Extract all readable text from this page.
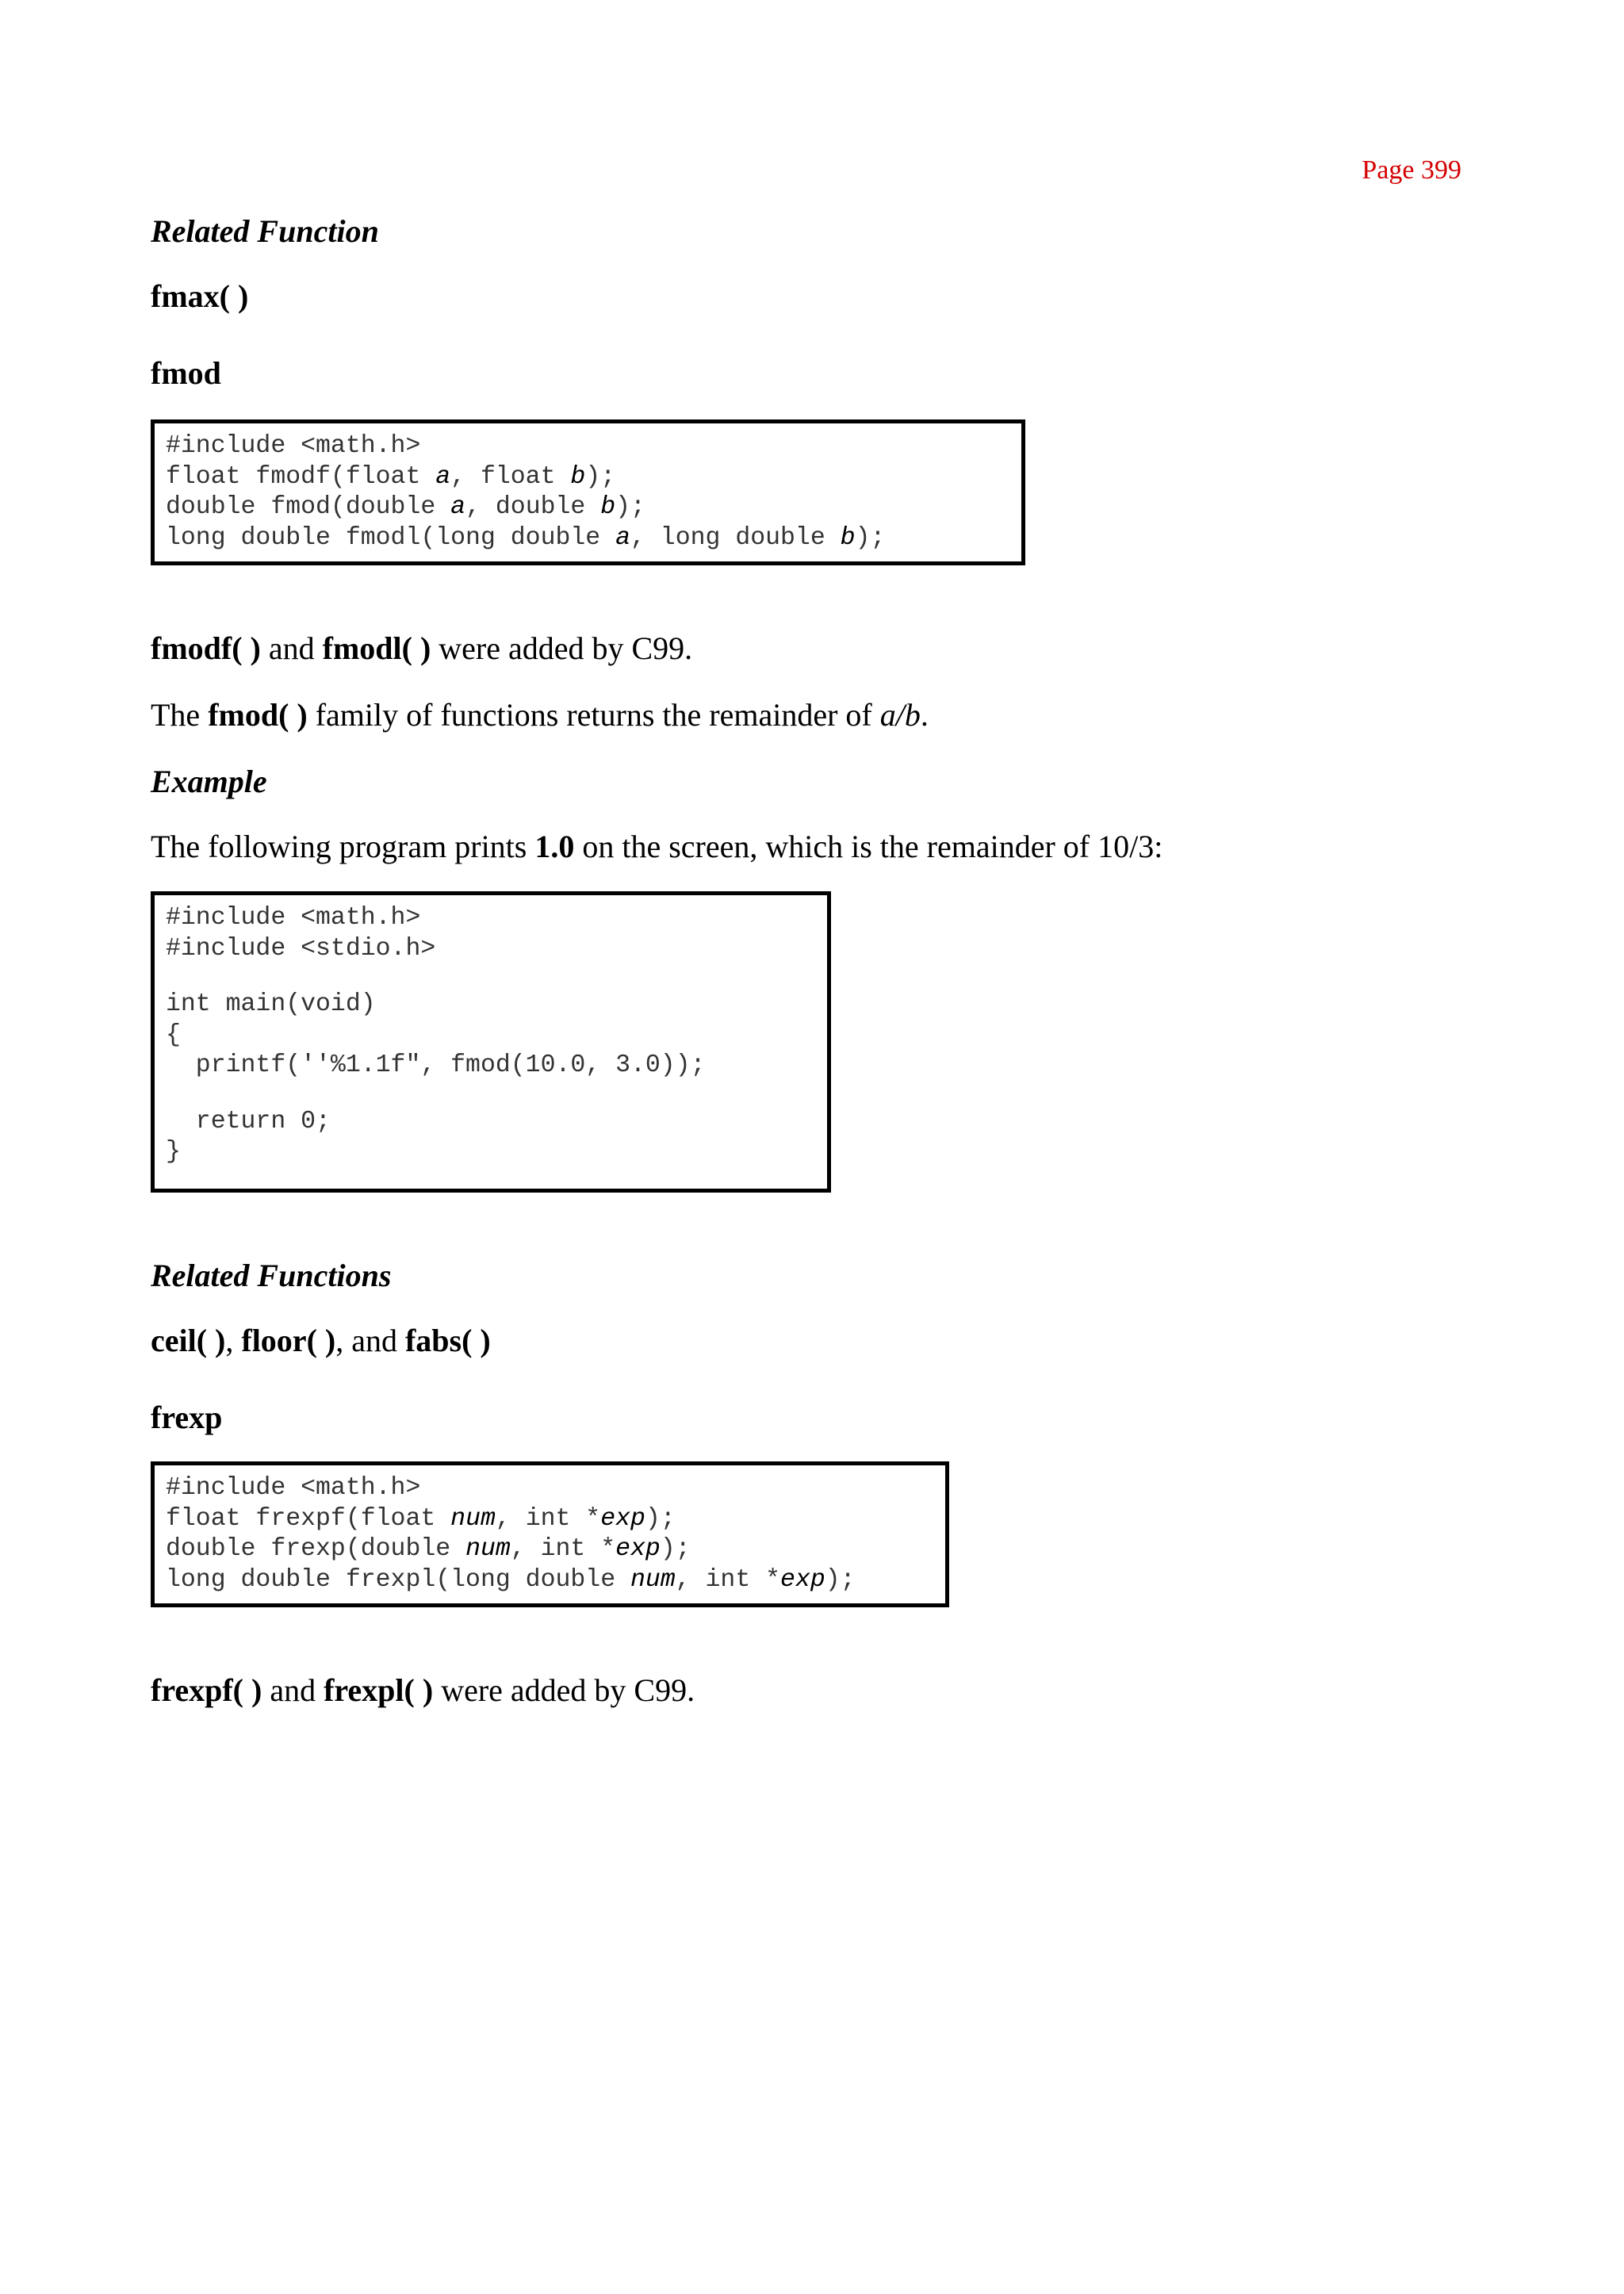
Page 399
Related Function
fmax( )
fmod
#include <math.h>
float fmodf(float a, float b);
double fmod(double a, double b);
long double fmodl(long double a, long double b);
fmodf( ) and fmodl( ) were added by C99.
The fmod( ) family of functions returns the remainder of a/b.
Example
The following program prints 1.0 on the screen, which is the remainder of 10/3:
#include <math.h>
#include <stdio.h>
int main(void)
{
printf(''%1.1f", fmod(10.0, 3.0));
return 0;
}
Related Functions
ceil( ), floor( ), and fabs( )
frexp
#include <math.h>
float frexpf(float num, int *exp);
double frexp(double num, int *exp);
long double frexpl(long double num, int *exp);
frexpf( ) and frexpl( ) were added by C99.
